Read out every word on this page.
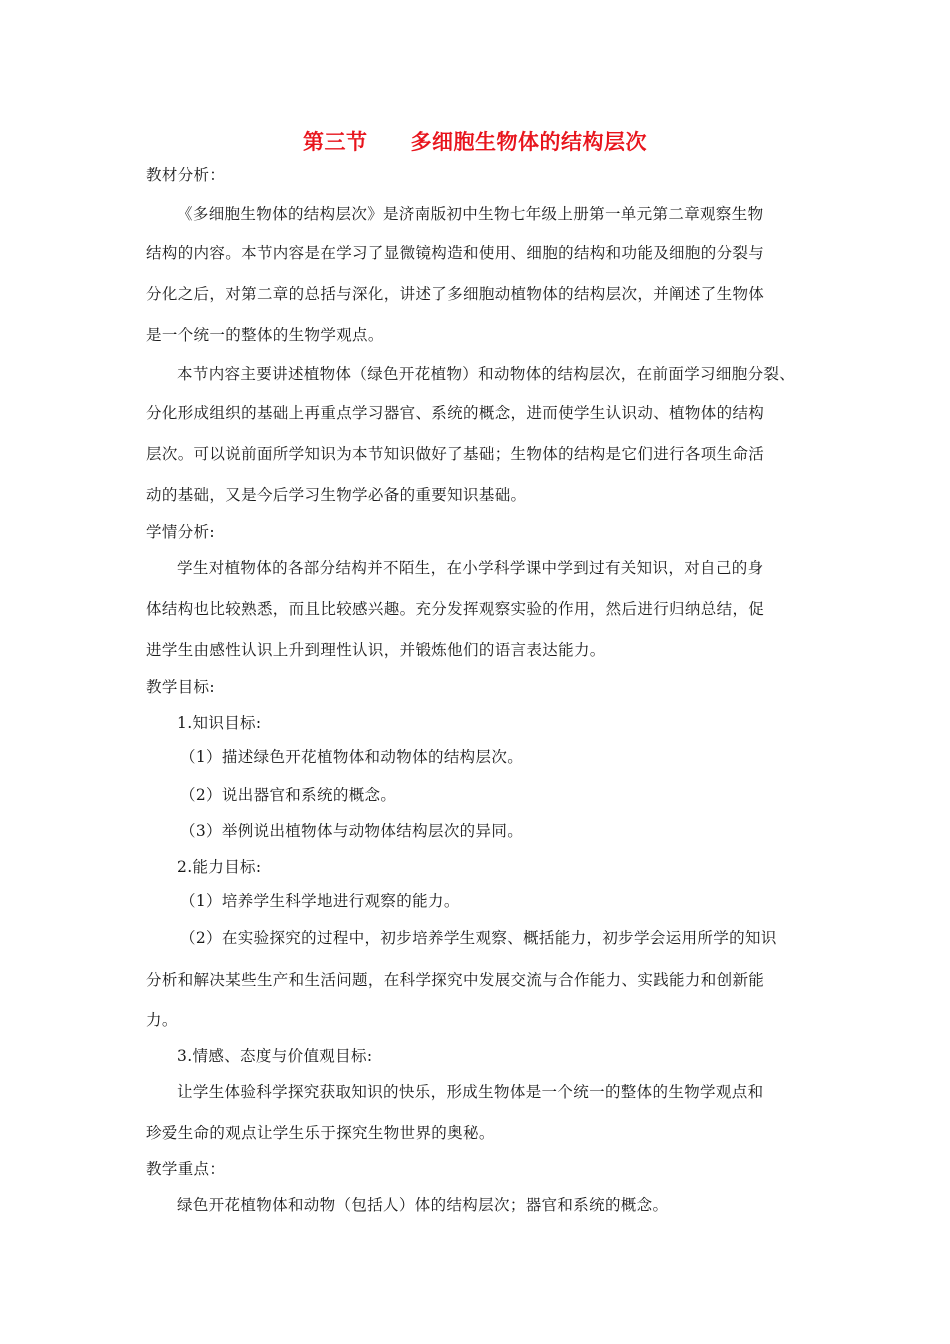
第三节　　多细胞生物体的结构层次
教材分析：
《多细胞生物体的结构层次》是济南版初中生物七年级上册第一单元第二章观察生物
结构的内容。本节内容是在学习了显微镜构造和使用、细胞的结构和功能及细胞的分裂与
分化之后，对第二章的总括与深化，讲述了多细胞动植物体的结构层次，并阐述了生物体
是一个统一的整体的生物学观点。
本节内容主要讲述植物体（绿色开花植物）和动物体的结构层次，在前面学习细胞分裂、
分化形成组织的基础上再重点学习器官、系统的概念，进而使学生认识动、植物体的结构
层次。可以说前面所学知识为本节知识做好了基础；生物体的结构是它们进行各项生命活
动的基础，又是今后学习生物学必备的重要知识基础。
学情分析:
学生对植物体的各部分结构并不陌生，在小学科学课中学到过有关知识，对自己的身
体结构也比较熟悉，而且比较感兴趣。充分发挥观察实验的作用，然后进行归纳总结，促
进学生由感性认识上升到理性认识，并锻炼他们的语言表达能力。
教学目标:
1.知识目标:
（1）描述绿色开花植物体和动物体的结构层次。
（2）说出器官和系统的概念。
（3）举例说出植物体与动物体结构层次的异同。
2.能力目标:
（1）培养学生科学地进行观察的能力。
（2）在实验探究的过程中，初步培养学生观察、概括能力，初步学会运用所学的知识
分析和解决某些生产和生活问题，在科学探究中发展交流与合作能力、实践能力和创新能
力。
3.情感、态度与价值观目标:
让学生体验科学探究获取知识的快乐，形成生物体是一个统一的整体的生物学观点和
珍爱生命的观点让学生乐于探究生物世界的奥秘。
教学重点：
绿色开花植物体和动物（包括人）体的结构层次；器官和系统的概念。
